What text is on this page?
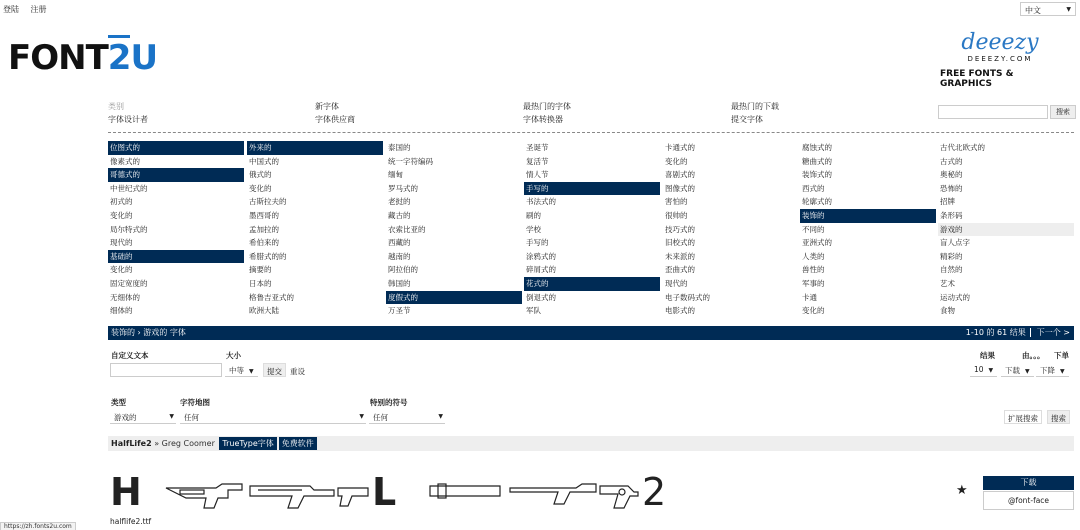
登陆 注册	中文	▼
FONT2U	deeezy
DEEEZY.COM
FREE FONTS & GRAPHICS
类别
字体设计者
新字体
字体供应商
最热门的字体
字体转换器
最热门的下载
提交字体
搜索
位图式的
像素式的
哥德式的
中世纪式的
初式的
变化的
局尔特式的
现代的
基础的
变化的
固定宽度的
无细体的
细体的
外来的
中国式的
俄式的
变化的
古斯拉夫的
墨西哥的
孟加拉的
希伯来的
希腊式的的
摘要的
日本的
格鲁吉亚式的
欧洲大陆
泰国的
统一字符编码
缅甸
罗马式的
老挝的
藏古的
衣索比亚的
西藏的
越南的
阿拉伯的
韩国的
度假式的
万圣节
圣诞节
复活节
情人节
手写的
书法式的
刷的
学校
手写的
涂鸦式的
碎屑式的
花式的
倒退式的
军队
卡通式的
变化的
喜剧式的
图像式的
害怕的
很帅的
技巧式的
旧校式的
未来派的
歪曲式的
现代的
电子数码式的
电影式的
腐蚀式的
糖曲式的
装饰式的
西式的
轮廓式的
装饰的
不同的
亚洲式的
人类的
兽性的
军事的
卡通
变化的
古代北欧式的
古式的
奥秘的
恐怖的
招牌
条形码
游戏的
盲人点字
精彩的
自然的
艺术
运动式的
食物
装饰的 › 游戏的 字体	1-10 的 61 结果 下一个 >
自定义文本	大小
中等 ▼	提交	重设
结果	由。。。 下单
10 ▼	下载 ▼	下降 ▼
类型
游戏的	▼
字符地图
任何	▼
特别的符号
任何	▼	扩展搜索	搜索
HalfLife2 » Greg Coomer TrueType字体 免费软件
H	L	2
halflife2.ttf
★
下载
@font-face
https://zh.fonts2u.com
